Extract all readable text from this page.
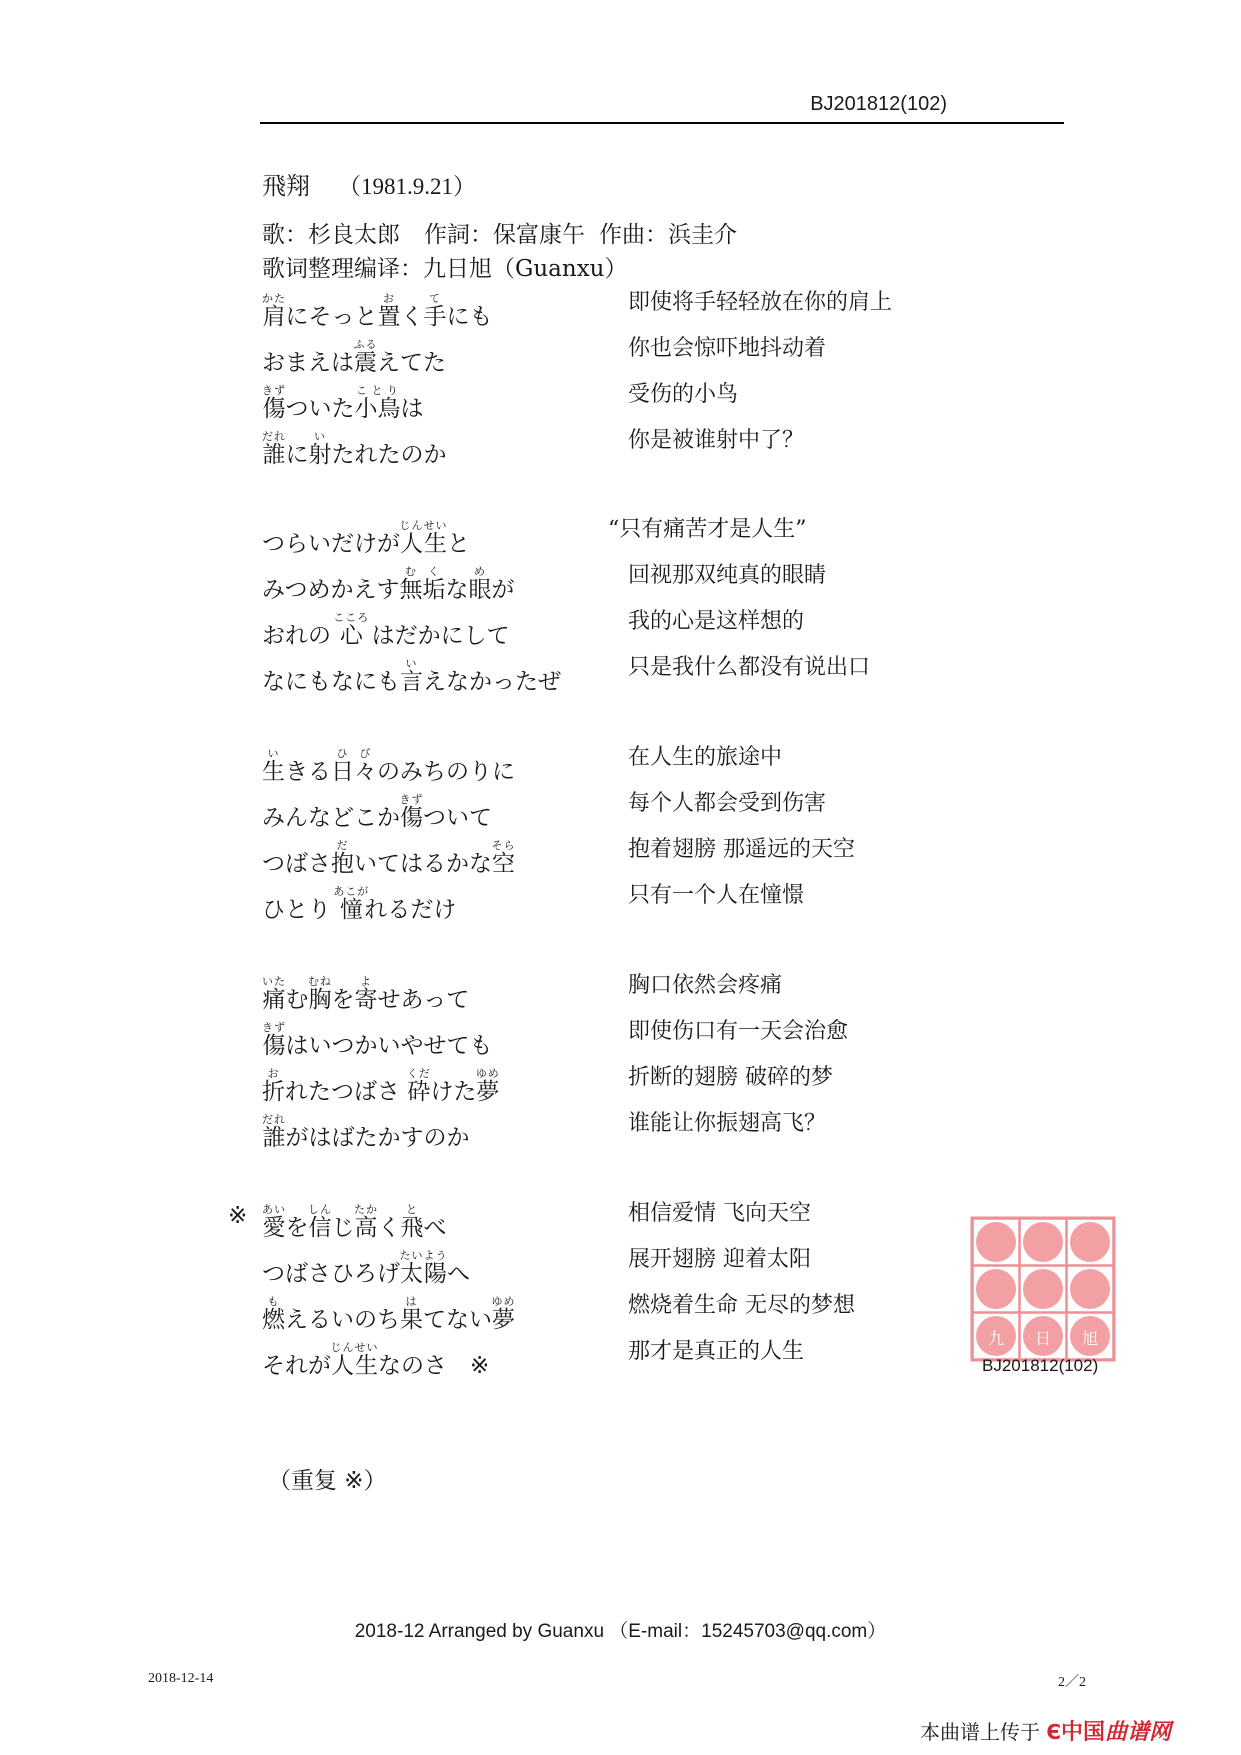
BJ201812(102)
飛翔 （1981.9.21）
歌：杉良太郎 作詞：保富康午 作曲：浜圭介
歌词整理编译：九日旭（Guanxu）
肩かたにそっと置おく手てにも
即使将手轻轻放在你的肩上
おまえは震ふるえてた
你也会惊吓地抖动着
傷きずついた小鳥ことりは
受伤的小鸟
誰だれに射いたれたのか
你是被谁射中了？
つらいだけが人生じんせいと
“只有痛苦才是人生”
みつめかえす無垢むくな眼めが
回视那双纯真的眼睛
おれの 心こころ はだかにして
我的心是这样想的
なにもなにも言いえなかったぜ
只是我什么都没有说出口
生いきる日々ひびのみちのりに
在人生的旅途中
みんなどこか傷きずついて
每个人都会受到伤害
つばさ抱だいてはるかな空そら	抱着翅膀 那遥远的天空
ひとり 憧あこがれるだけ
只有一个人在憧憬
痛いたむ胸むねを寄よせあって
胸口依然会疼痛
傷きずはいつかいやせても
即使伤口有一天会治愈
折おれたつばさ 砕くだけた夢ゆめ	折断的翅膀 破碎的梦
誰だれがはばたかすのか
谁能让你振翅高飞？
※ 愛あいを信しんじ高たかく飛とべ
相信爱情 飞向天空
つばさひろげ太陽たいようへ
展开翅膀 迎着太阳
燃もえるいのち果はてない夢ゆめ	燃烧着生命 无尽的梦想
それが人生じんせいなのさ　※
那才是真正的人生
（重复 ※）
九 日 旭
BJ201812(102)
2018-12 Arranged by Guanxu （E-mail：15245703@qq.com）
2018-12-14	2／2
本曲谱上传于 Є中国曲谱网
